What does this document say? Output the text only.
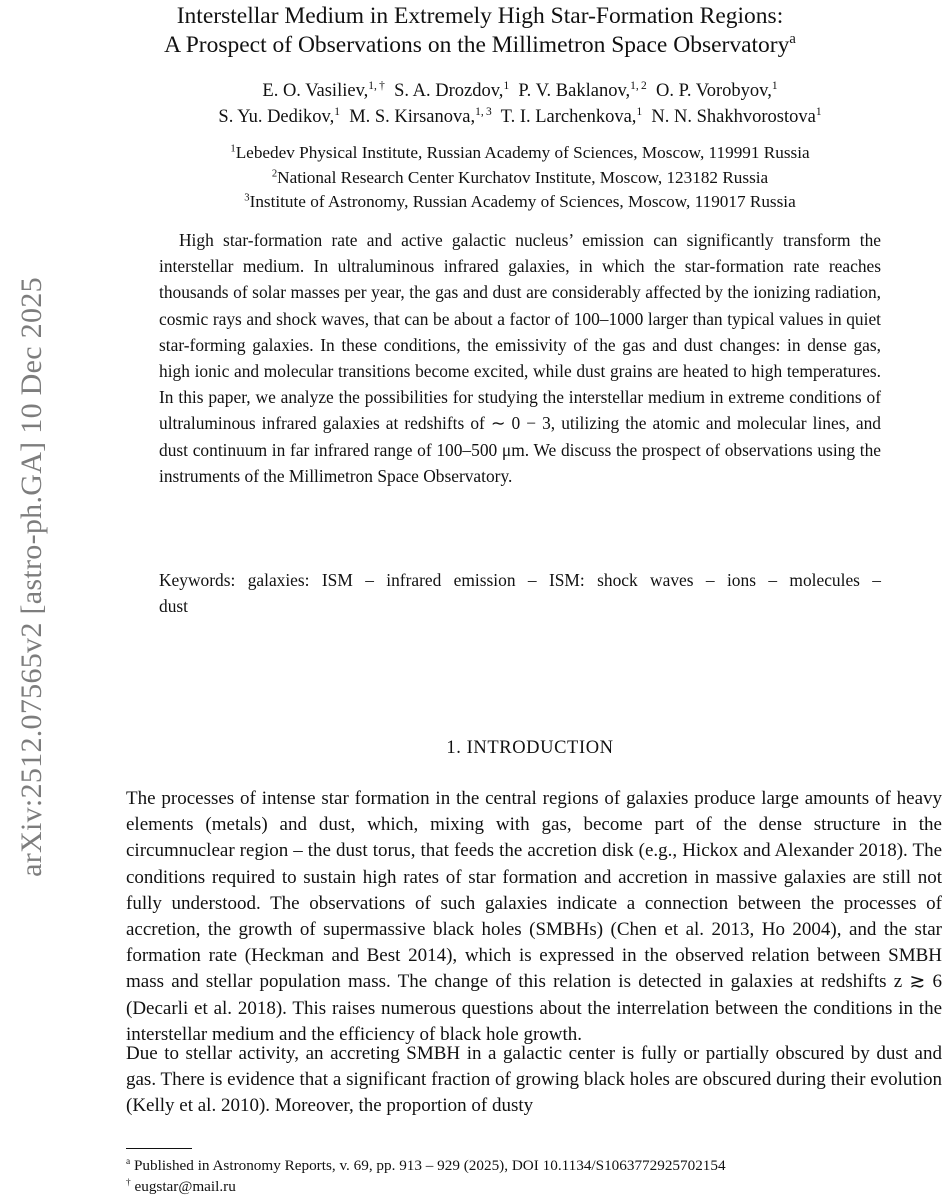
arXiv:2512.07565v2 [astro-ph.GA] 10 Dec 2025
Interstellar Medium in Extremely High Star-Formation Regions:
A Prospect of Observations on the Millimetron Space Observatory$^a$
E. O. Vasiliev,$^{1, \dagger}$ S. A. Drozdov,$^1$ P. V. Baklanov,$^{1, 2}$ O. P. Vorobyov,$^1$
S. Yu. Dedikov,$^1$ M. S. Kirsanova,$^{1, 3}$ T. I. Larchenkova,$^1$ N. N. Shakhvorostova$^1$
$^1$Lebedev Physical Institute, Russian Academy of Sciences, Moscow, 119991 Russia
$^2$National Research Center Kurchatov Institute, Moscow, 123182 Russia
$^3$Institute of Astronomy, Russian Academy of Sciences, Moscow, 119017 Russia
High star-formation rate and active galactic nucleus’ emission can significantly transform the interstellar medium. In ultraluminous infrared galaxies, in which the star-formation rate reaches thousands of solar masses per year, the gas and dust are considerably affected by the ionizing radiation, cosmic rays and shock waves, that can be about a factor of 100–1000 larger than typical values in quiet star-forming galaxies. In these conditions, the emissivity of the gas and dust changes: in dense gas, high ionic and molecular transitions become excited, while dust grains are heated to high temperatures. In this paper, we analyze the possibilities for studying the interstellar medium in extreme conditions of ultraluminous infrared galaxies at redshifts of ∼ 0 − 3, utilizing the atomic and molecular lines, and dust continuum in far infrared range of 100–500 μm. We discuss the prospect of observations using the instruments of the Millimetron Space Observatory.
Keywords: galaxies: ISM – infrared emission – ISM: shock waves – ions – molecules – dust
1. INTRODUCTION
The processes of intense star formation in the central regions of galaxies produce large amounts of heavy elements (metals) and dust, which, mixing with gas, become part of the dense structure in the circumnuclear region – the dust torus, that feeds the accretion disk (e.g., Hickox and Alexander 2018). The conditions required to sustain high rates of star formation and accretion in massive galaxies are still not fully understood. The observations of such galaxies indicate a connection between the processes of accretion, the growth of supermassive black holes (SMBHs) (Chen et al. 2013, Ho 2004), and the star formation rate (Heckman and Best 2014), which is expressed in the observed relation between SMBH mass and stellar population mass. The change of this relation is detected in galaxies at redshifts z ≳ 6 (Decarli et al. 2018). This raises numerous questions about the interrelation between the conditions in the interstellar medium and the efficiency of black hole growth.
Due to stellar activity, an accreting SMBH in a galactic center is fully or partially obscured by dust and gas. There is evidence that a significant fraction of growing black holes are obscured during their evolution (Kelly et al. 2010). Moreover, the proportion of dusty
$^a$ Published in Astronomy Reports, v. 69, pp. 913 – 929 (2025), DOI 10.1134/S1063772925702154
† eugstar@mail.ru
